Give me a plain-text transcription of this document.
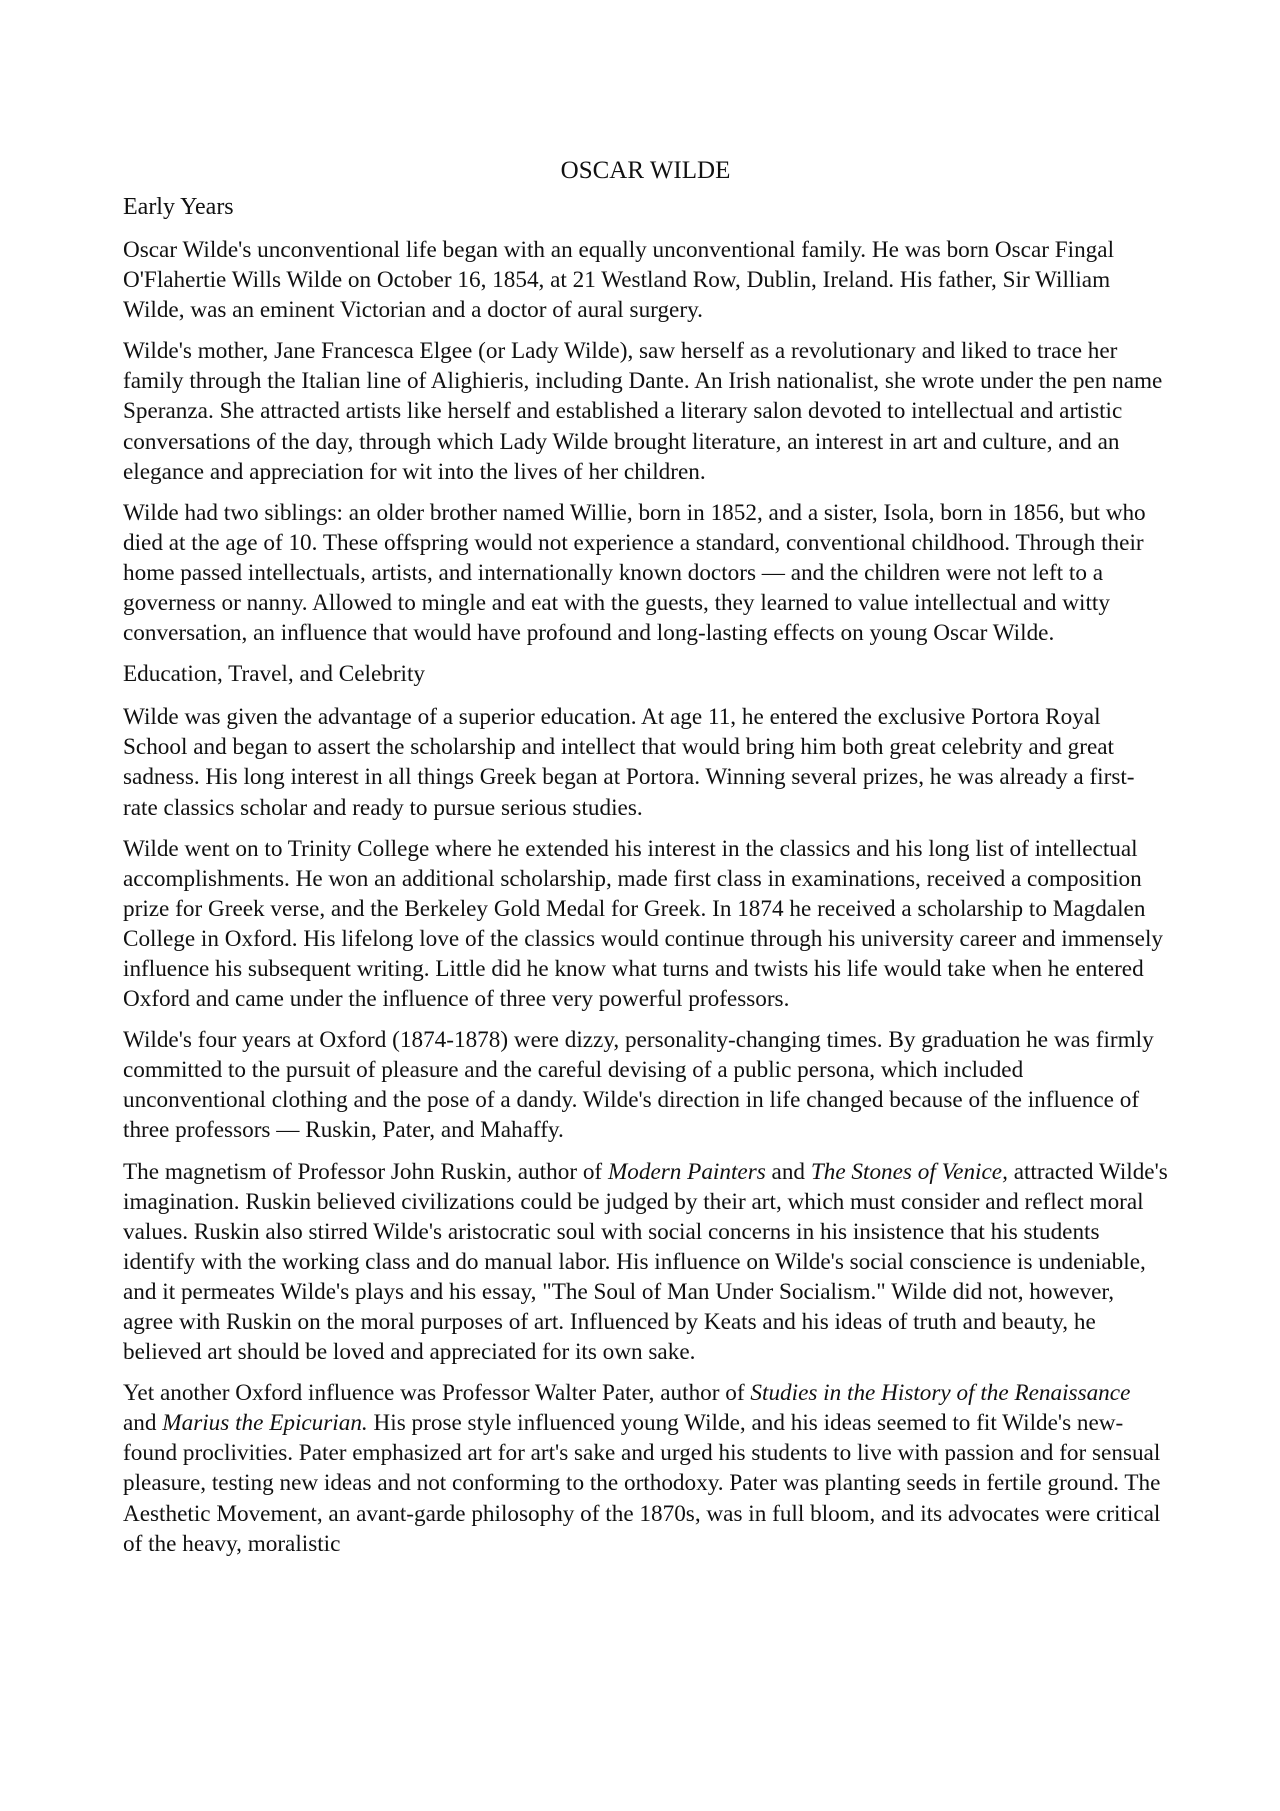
OSCAR WILDE
Early Years

Oscar Wilde's unconventional life began with an equally unconventional family. He was born Oscar Fingal O'Flahertie Wills Wilde on October 16, 1854, at 21 Westland Row, Dublin, Ireland. His father, Sir William Wilde, was an eminent Victorian and a doctor of aural surgery.

Wilde's mother, Jane Francesca Elgee (or Lady Wilde), saw herself as a revolutionary and liked to trace her family through the Italian line of Alighieris, including Dante. An Irish nationalist, she wrote under the pen name Speranza. She attracted artists like herself and established a literary salon devoted to intellectual and artistic conversations of the day, through which Lady Wilde brought literature, an interest in art and culture, and an elegance and appreciation for wit into the lives of her children.

Wilde had two siblings: an older brother named Willie, born in 1852, and a sister, Isola, born in 1856, but who died at the age of 10. These offspring would not experience a standard, conventional childhood. Through their home passed intellectuals, artists, and internationally known doctors — and the children were not left to a governess or nanny. Allowed to mingle and eat with the guests, they learned to value intellectual and witty conversation, an influence that would have profound and long-lasting effects on young Oscar Wilde.

Education, Travel, and Celebrity

Wilde was given the advantage of a superior education. At age 11, he entered the exclusive Portora Royal School and began to assert the scholarship and intellect that would bring him both great celebrity and great sadness. His long interest in all things Greek began at Portora. Winning several prizes, he was already a first-rate classics scholar and ready to pursue serious studies.

Wilde went on to Trinity College where he extended his interest in the classics and his long list of intellectual accomplishments. He won an additional scholarship, made first class in examinations, received a composition prize for Greek verse, and the Berkeley Gold Medal for Greek. In 1874 he received a scholarship to Magdalen College in Oxford. His lifelong love of the classics would continue through his university career and immensely influence his subsequent writing. Little did he know what turns and twists his life would take when he entered Oxford and came under the influence of three very powerful professors.

Wilde's four years at Oxford (1874-1878) were dizzy, personality-changing times. By graduation he was firmly committed to the pursuit of pleasure and the careful devising of a public persona, which included unconventional clothing and the pose of a dandy. Wilde's direction in life changed because of the influence of three professors — Ruskin, Pater, and Mahaffy.

The magnetism of Professor John Ruskin, author of Modern Painters and The Stones of Venice, attracted Wilde's imagination. Ruskin believed civilizations could be judged by their art, which must consider and reflect moral values. Ruskin also stirred Wilde's aristocratic soul with social concerns in his insistence that his students identify with the working class and do manual labor. His influence on Wilde's social conscience is undeniable, and it permeates Wilde's plays and his essay, "The Soul of Man Under Socialism." Wilde did not, however, agree with Ruskin on the moral purposes of art. Influenced by Keats and his ideas of truth and beauty, he believed art should be loved and appreciated for its own sake.

Yet another Oxford influence was Professor Walter Pater, author of Studies in the History of the Renaissance and Marius the Epicurian. His prose style influenced young Wilde, and his ideas seemed to fit Wilde's new-found proclivities. Pater emphasized art for art's sake and urged his students to live with passion and for sensual pleasure, testing new ideas and not conforming to the orthodoxy. Pater was planting seeds in fertile ground. The Aesthetic Movement, an avant-garde philosophy of the 1870s, was in full bloom, and its advocates were critical of the heavy, moralistic
